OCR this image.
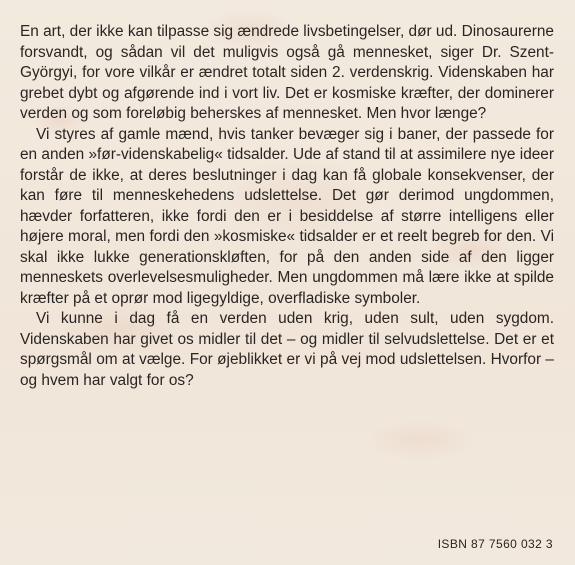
En art, der ikke kan tilpasse sig ændrede livsbetingelser, dør ud. Dinosaurerne forsvandt, og sådan vil det muligvis også gå mennesket, siger Dr. Szent-Györgyi, for vore vilkår er ændret totalt siden 2. verdenskrig. Videnskaben har grebet dybt og afgørende ind i vort liv. Det er kosmiske kræfter, der dominerer verden og som foreløbig beherskes af mennesket. Men hvor længe?

Vi styres af gamle mænd, hvis tanker bevæger sig i baner, der passede for en anden »før-videnskabelig« tidsalder. Ude af stand til at assimilere nye ideer forstår de ikke, at deres beslutninger i dag kan få globale konsekvenser, der kan føre til menneskehedens udslettelse. Det gør derimod ungdommen, hævder forfatteren, ikke fordi den er i besiddelse af større intelligens eller højere moral, men fordi den »kosmiske« tidsalder er et reelt begreb for den. Vi skal ikke lukke generationskløften, for på den anden side af den ligger menneskets overlevelsesmuligheder. Men ungdommen må lære ikke at spilde kræfter på et oprør mod ligegyldige, overfladiske symboler.

Vi kunne i dag få en verden uden krig, uden sult, uden sygdom. Videnskaben har givet os midler til det – og midler til selvudslettelse. Det er et spørgsmål om at vælge. For øjeblikket er vi på vej mod udslettelsen. Hvorfor – og hvem har valgt for os?

ISBN 87 7560 032 3
